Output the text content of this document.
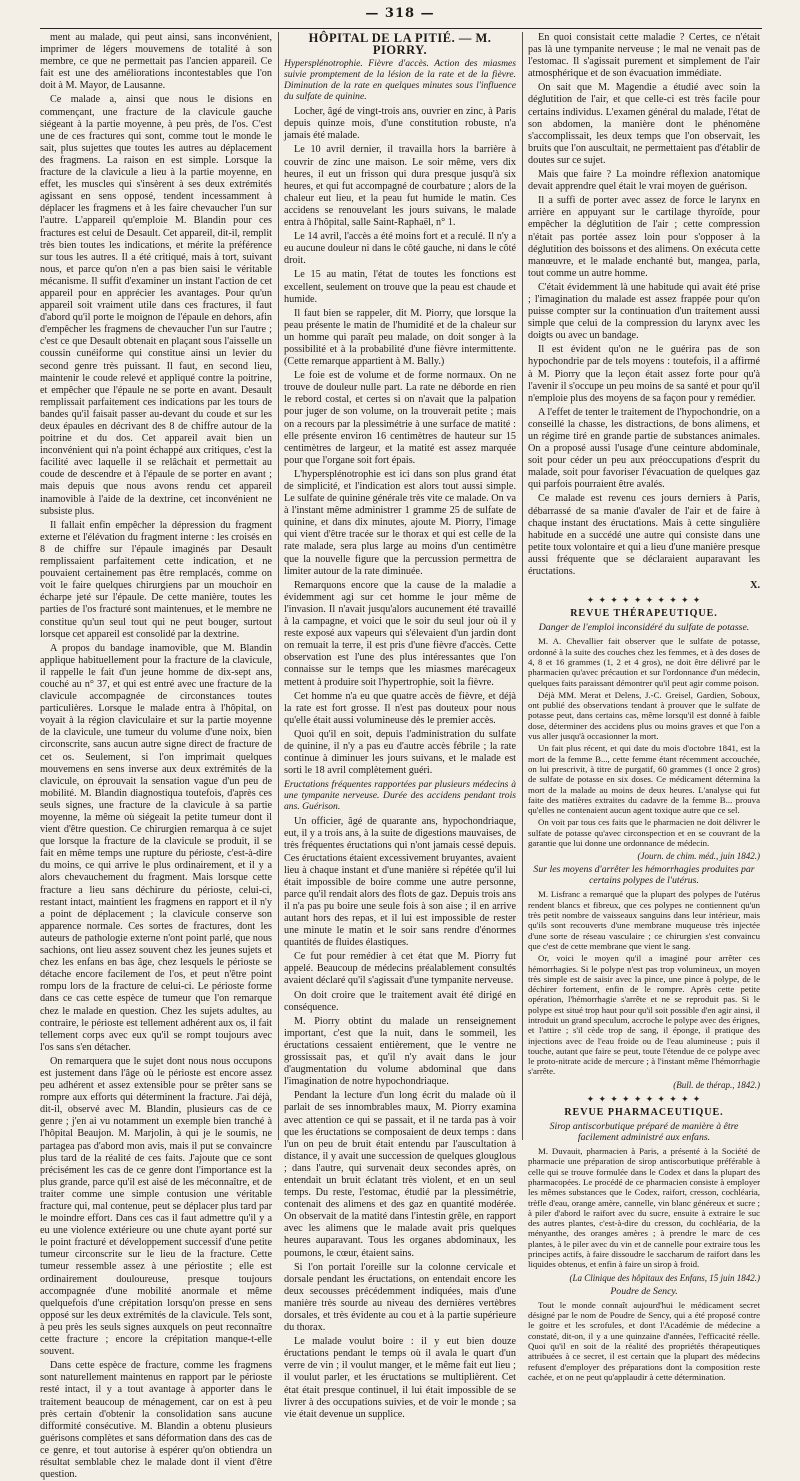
— 318 —

ment au malade, qui peut ainsi, sans inconvénient, imprimer de légers mouvemens de totalité à son membre, ce que ne permettait pas l'ancien appareil. Ce fait est une des améliorations incontestables que l'on doit à M. Mayor, de Lausanne.

Ce malade a, ainsi que nous le disions en commençant, une fracture de la clavicule gauche siégeant à la partie moyenne, à peu près, de l'os. C'est une de ces fractures qui sont, comme tout le monde le sait, plus sujettes que toutes les autres au déplacement des fragmens. La raison en est simple. Lorsque la fracture de la clavicule a lieu à la partie moyenne, en effet, les muscles qui s'insèrent à ses deux extrémités agissant en sens opposé, tendent incessamment à déplacer les fragmens et à les faire chevaucher l'un sur l'autre. L'appareil qu'emploie M. Blandin pour ces fractures est celui de Desault. Cet appareil, dit-il, remplit très bien toutes les indications, et mérite la préférence sur tous les autres. Il a été critiqué, mais à tort, suivant nous, et parce qu'on n'en a pas bien saisi le véritable mécanisme. Il suffit d'examiner un instant l'action de cet appareil pour en apprécier les avantages. Pour qu'un appareil soit vraiment utile dans ces fractures, il faut d'abord qu'il porte le moignon de l'épaule en dehors, afin d'empêcher les fragmens de chevaucher l'un sur l'autre ; c'est ce que Desault obtenait en plaçant sous l'aisselle un coussin cunéiforme qui constitue ainsi un levier du second genre très puissant. Il faut, en second lieu, maintenir le coude relevé et appliqué contre la poitrine, et empêcher que l'épaule ne se porte en avant. Desault remplissait parfaitement ces indications par les tours de bandes qu'il faisait passer au-devant du coude et sur les deux épaules en décrivant des 8 de chiffre autour de la poitrine et du dos. Cet appareil avait bien un inconvénient qui n'a point échappé aux critiques, c'est la facilité avec laquelle il se relâchait et permettait au coude de descendre et à l'épaule de se porter en avant ; mais depuis que nous avons rendu cet appareil inamovible à l'aide de la dextrine, cet inconvénient ne subsiste plus.

Il fallait enfin empêcher la dépression du fragment externe et l'élévation du fragment interne : les croisés en 8 de chiffre sur l'épaule imaginés par Desault remplissaient parfaitement cette indication, et ne pouvaient certainement pas être remplacés, comme on voit le faire quelques chirurgiens par un mouchoir en écharpe jeté sur l'épaule. De cette manière, toutes les parties de l'os fracturé sont maintenues, et le membre ne constitue qu'un seul tout qui ne peut bouger, surtout lorsque cet appareil est consolidé par la dextrine.

A propos du bandage inamovible, que M. Blandin applique habituellement pour la fracture de la clavicule, il rappelle le fait d'un jeune homme de dix-sept ans, couché au n° 37, et qui est entré avec une fracture de la clavicule accompagnée de circonstances toutes particulières. Lorsque le malade entra à l'hôpital, on voyait à la région claviculaire et sur la partie moyenne de la clavicule, une tumeur du volume d'une noix, bien circonscrite, sans aucun autre signe direct de fracture de cet os. Seulement, si l'on imprimait quelques mouvemens en sens inverse aux deux extrémités de la clavicule, on éprouvait la sensation vague d'un peu de mobilité. M. Blandin diagnostiqua toutefois, d'après ces seuls signes, une fracture de la clavicule à sa partie moyenne, la même où siégeait la petite tumeur dont il vient d'être question. Ce chirurgien remarqua à ce sujet que lorsque la fracture de la clavicule se produit, il se fait en même temps une rupture du périoste, c'est-à-dire du moins, ce qui arrive le plus ordinairement, et il y a alors chevauchement du fragment. Mais lorsque cette fracture a lieu sans déchirure du périoste, celui-ci, restant intact, maintient les fragmens en rapport et il n'y a point de déplacement ; la clavicule conserve son apparence normale. Ces sortes de fractures, dont les auteurs de pathologie externe n'ont point parlé, que nous sachions, ont lieu assez souvent chez les jeunes sujets et chez les enfans en bas âge, chez lesquels le périoste se détache encore facilement de l'os, et peut n'être point rompu lors de la fracture de celui-ci. Le périoste forme dans ce cas cette espèce de tumeur que l'on remarque chez le malade en question. Chez les sujets adultes, au contraire, le périoste est tellement adhérent aux os, il fait tellement corps avec eux qu'il se rompt toujours avec l'os sans s'en détacher.

On remarquera que le sujet dont nous nous occupons est justement dans l'âge où le périoste est encore assez peu adhérent et assez extensible pour se prêter sans se rompre aux efforts qui déterminent la fracture. J'ai déjà, dit-il, observé avec M. Blandin, plusieurs cas de ce genre ; j'en ai vu notamment un exemple bien tranché à l'hôpital Beaujon. M. Marjolin, à qui je le soumis, ne partagea pas d'abord mon avis, mais il put se convaincre plus tard de la réalité de ces faits. J'ajoute que ce sont précisément les cas de ce genre dont l'importance est la plus grande, parce qu'il est aisé de les méconnaître, et de traiter comme une simple contusion une véritable fracture qui, mal contenue, peut se déplacer plus tard par le moindre effort. Dans ces cas il faut admettre qu'il y a eu une violence extérieure ou une chute ayant porté sur le point fracturé et développement successif d'une petite tumeur circonscrite sur le lieu de la fracture. Cette tumeur ressemble assez à une périostite ; elle est ordinairement douloureuse, presque toujours accompagnée d'une mobilité anormale et même quelquefois d'une crépitation lorsqu'on presse en sens opposé sur les deux extrémités de la clavicule. Tels sont, à peu près les seuls signes auxquels on peut reconnaître cette fracture ; encore la crépitation manque-t-elle souvent.

Dans cette espèce de fracture, comme les fragmens sont naturellement maintenus en rapport par le périoste resté intact, il y a tout avantage à apporter dans le traitement beaucoup de ménagement, car on est à peu près certain d'obtenir la consolidation sans aucune difformité consécutive. M. Blandin a obtenu plusieurs guérisons complètes et sans déformation dans des cas de ce genre, et tout autorise à espérer qu'on obtiendra un résultat semblable chez le malade dont il vient d'être question.

HÔPITAL DE LA PITIÉ. — M. PIORRY.

Hypersplénotrophie. Fièvre d'accès. Action des miasmes suivie promptement de la lésion de la rate et de la fièvre. Diminution de la rate en quelques minutes sous l'influence du sulfate de quinine.

Locher, âgé de vingt-trois ans, ouvrier en zinc, à Paris depuis quinze mois, d'une constitution robuste, n'a jamais été malade.

Le 10 avril dernier, il travailla hors la barrière à couvrir de zinc une maison. Le soir même, vers dix heures, il eut un frisson qui dura presque jusqu'à six heures, et qui fut accompagné de courbature ; alors de la chaleur eut lieu, et la peau fut humide le matin. Ces accidens se renouvelant les jours suivans, le malade entra à l'hôpital, salle Saint-Raphaël, n° 1.

Le 14 avril, l'accès a été moins fort et a reculé. Il n'y a eu aucune douleur ni dans le côté gauche, ni dans le côté droit.

Le 15 au matin, l'état de toutes les fonctions est excellent, seulement on trouve que la peau est chaude et humide.

Il faut bien se rappeler, dit M. Piorry, que lorsque la peau présente le matin de l'humidité et de la chaleur sur un homme qui paraît peu malade, on doit songer à la possibilité et à la probabilité d'une fièvre intermittente. (Cette remarque appartient à M. Bally.)

Le foie est de volume et de forme normaux. On ne trouve de douleur nulle part. La rate ne déborde en rien le rebord costal, et certes si on n'avait que la palpation pour juger de son volume, on la trouverait petite ; mais on a recours par la plessimétrie à une surface de matité : elle présente environ 16 centimètres de hauteur sur 15 centimètres de largeur, et la matité est assez marquée pour que l'organe soit fort épais.

L'hypersplénotrophie est ici dans son plus grand état de simplicité, et l'indication est alors tout aussi simple. Le sulfate de quinine générale très vite ce malade. On va à l'instant même administrer 1 gramme 25 de sulfate de quinine, et dans dix minutes, ajoute M. Piorry, l'image qui vient d'être tracée sur le thorax et qui est celle de la rate malade, sera plus large au moins d'un centimètre que la nouvelle figure que la percussion permettra de limiter autour de la rate diminuée.

Remarquons encore que la cause de la maladie a évidemment agi sur cet homme le jour même de l'invasion. Il n'avait jusqu'alors aucunement été travaillé à la campagne, et voici que le soir du seul jour où il y reste exposé aux vapeurs qui s'élevaient d'un jardin dont on remuait la terre, il est pris d'une fièvre d'accès. Cette observation est l'une des plus intéressantes que l'on connaisse sur le temps que les miasmes marécageux mettent à produire soit l'hypertrophie, soit la fièvre.

Cet homme n'a eu que quatre accès de fièvre, et déjà la rate est fort grosse. Il n'est pas douteux pour nous qu'elle était aussi volumineuse dès le premier accès.

Quoi qu'il en soit, depuis l'administration du sulfate de quinine, il n'y a pas eu d'autre accès fébrile ; la rate continue à diminuer les jours suivans, et le malade est sorti le 18 avril complètement guéri.

Eructations fréquentes rapportées par plusieurs médecins à une tympanite nerveuse. Durée des accidens pendant trois ans. Guérison.

Un officier, âgé de quarante ans, hypochondriaque, eut, il y a trois ans, à la suite de digestions mauvaises, de très fréquentes éructations qui n'ont jamais cessé depuis. Ces éructations étaient excessivement bruyantes, avaient lieu à chaque instant et d'une manière si répétée qu'il lui était impossible de boire comme une autre personne, parce qu'il rendait alors des flots de gaz. Depuis trois ans il n'a pas pu boire une seule fois à son aise ; il en arrive autant hors des repas, et il lui est impossible de rester une minute le matin et le soir sans rendre d'énormes quantités de fluides élastiques.

Ce fut pour remédier à cet état que M. Piorry fut appelé. Beaucoup de médecins préalablement consultés avaient déclaré qu'il s'agissait d'une tympanite nerveuse.

On doit croire que le traitement avait été dirigé en conséquence.

M. Piorry obtint du malade un renseignement important, c'est que la nuit, dans le sommeil, les éructations cessaient entièrement, que le ventre ne grossissait pas, et qu'il n'y avait dans le jour d'augmentation du volume abdominal que dans l'imagination de notre hypochondriaque.

Pendant la lecture d'un long écrit du malade où il parlait de ses innombrables maux, M. Piorry examina avec attention ce qui se passait, et il ne tarda pas à voir que les éructations se composaient de deux temps : dans l'un on peu de bruit était entendu par l'auscultation à distance, il y avait une succession de quelques glouglous ; dans l'autre, qui survenait deux secondes après, on entendait un bruit éclatant très violent, et en un seul temps. Du reste, l'estomac, étudié par la plessimétrie, contenait des alimens et des gaz en quantité modérée. On observait de la matité dans l'intestin grêle, en rapport avec les alimens que le malade avait pris quelques heures auparavant. Tous les organes abdominaux, les poumons, le cœur, étaient sains.

Si l'on portait l'oreille sur la colonne cervicale et dorsale pendant les éructations, on entendait encore les deux secousses précédemment indiquées, mais d'une manière très sourde au niveau des dernières vertèbres dorsales, et très évidente au cou et à la partie supérieure du thorax.

Le malade voulut boire : il y eut bien douze éructations pendant le temps où il avala le quart d'un verre de vin ; il voulut manger, et le même fait eut lieu ; il voulut parler, et les éructations se multiplièrent. Cet état était presque continuel, il lui était impossible de se livrer à des occupations suivies, et de voir le monde ; sa vie était devenue un supplice.

En quoi consistait cette maladie ? Certes, ce n'était pas là une tympanite nerveuse ; le mal ne venait pas de l'estomac. Il s'agissait purement et simplement de l'air atmosphérique et de son évacuation immédiate.

On sait que M. Magendie a étudié avec soin la déglutition de l'air, et que celle-ci est très facile pour certains individus. L'examen général du malade, l'état de son abdomen, la manière dont le phénomène s'accomplissait, les deux temps que l'on observait, les bruits que l'on auscultait, ne permettaient pas d'établir de doutes sur ce sujet.

Mais que faire ? La moindre réflexion anatomique devait apprendre quel était le vrai moyen de guérison.

Il a suffi de porter avec assez de force le larynx en arrière en appuyant sur le cartilage thyroïde, pour empêcher la déglutition de l'air ; cette compression n'était pas portée assez loin pour s'opposer à la déglutition des boissons et des alimens. On exécuta cette manœuvre, et le malade enchanté but, mangea, parla, tout comme un autre homme.

C'était évidemment là une habitude qui avait été prise ; l'imagination du malade est assez frappée pour qu'on puisse compter sur la continuation d'un traitement aussi simple que celui de la compression du larynx avec les doigts ou avec un bandage.

Il est évident qu'on ne le guérira pas de son hypochondrie par de tels moyens : toutefois, il a affirmé à M. Piorry que la leçon était assez forte pour qu'à l'avenir il s'occupe un peu moins de sa santé et pour qu'il n'emploie plus des moyens de sa façon pour y remédier.

A l'effet de tenter le traitement de l'hypochondrie, on a conseillé la chasse, les distractions, de bons alimens, et un régime tiré en grande partie de substances animales. On a proposé aussi l'usage d'une ceinture abdominale, soit pour céder un peu aux préoccupations d'esprit du malade, soit pour favoriser l'évacuation de quelques gaz qui parfois pourraient être avalés.

Ce malade est revenu ces jours derniers à Paris, débarrassé de sa manie d'avaler de l'air et de faire à chaque instant des éructations. Mais à cette singulière habitude en a succédé une autre qui consiste dans une petite toux volontaire et qui a lieu d'une manière presque aussi fréquente que se déclaraient auparavant les éructations.

X.

✦ ✦ ✦ ✦ ✦ ✦ ✦ ✦ ✦ ✦

REVUE THÉRAPEUTIQUE.

Danger de l'emploi inconsidéré du sulfate de potasse.

M. A. Chevallier fait observer que le sulfate de potasse, ordonné à la suite des couches chez les femmes, et à des doses de 4, 8 et 16 grammes (1, 2 et 4 gros), ne doit être délivré par le pharmacien qu'avec précaution et sur l'ordonnance d'un médecin, quelques faits paraissant démontrer qu'il peut agir comme poison.

Déjà MM. Merat et Delens, J.-C. Greisel, Gardien, Soboux, ont publié des observations tendant à prouver que le sulfate de potasse peut, dans certains cas, même lorsqu'il est donné à faible dose, déterminer des accidens plus ou moins graves et que l'on a vus aller jusqu'à occasionner la mort.

Un fait plus récent, et qui date du mois d'octobre 1841, est la mort de la femme B..., cette femme étant récemment accouchée, on lui prescrivit, à titre de purgatif, 60 grammes (1 once 2 gros) de sulfate de potasse en six doses. Ce médicament détermina la mort de la malade au moins de deux heures. L'analyse qui fut faite des matières extraites du cadavre de la femme B... prouva qu'elles ne contenaient aucun agent toxique autre que ce sel.

On voit par tous ces faits que le pharmacien ne doit délivrer le sulfate de potasse qu'avec circonspection et en se couvrant de la garantie que lui donne une ordonnance de médecin.

(Journ. de chim. méd., juin 1842.)

Sur les moyens d'arrêter les hémorrhagies produites par certains polypes de l'utérus.

M. Lisfranc a remarqué que la plupart des polypes de l'utérus rendent blancs et fibreux, que ces polypes ne contiennent qu'un très petit nombre de vaisseaux sanguins dans leur intérieur, mais qu'ils sont recouverts d'une membrane muqueuse très injectée d'une sorte de réseau vasculaire ; ce chirurgien s'est convaincu que c'est de cette membrane que vient le sang.

Or, voici le moyen qu'il a imaginé pour arrêter ces hémorrhagies. Si le polype n'est pas trop volumineux, un moyen très simple est de saisir avec la pince, une pince à polype, de le déchirer fortement, enfin de le rompre. Après cette petite opération, l'hémorrhagie s'arrête et ne se reproduit pas. Si le polype est situé trop haut pour qu'il soit possible d'en agir ainsi, il introduit un grand speculum, accroche le polype avec des érignes, et l'attire ; s'il cède trop de sang, il éponge, il pratique des injections avec de l'eau froide ou de l'eau alumineuse ; puis il touche, autant que faire se peut, toute l'étendue de ce polype avec le proto-nitrate acide de mercure ; à l'instant même l'hémorrhagie s'arrête.

(Bull. de thérap., 1842.)

✦ ✦ ✦ ✦ ✦ ✦ ✦ ✦ ✦ ✦

REVUE PHARMACEUTIQUE.

Sirop antiscorbutique préparé de manière à être facilement administré aux enfans.

M. Duvauit, pharmacien à Paris, a présenté à la Société de pharmacie une préparation de sirop antiscorbutique préférable à celle qui se trouve formulée dans le Codex et dans la plupart des pharmacopées. Le procédé de ce pharmacien consiste à employer les mêmes substances que le Codex, raifort, cresson, cochléaria, trèfle d'eau, orange amère, cannelle, vin blanc généreux et sucre ; à piler d'abord le raifort avec du sucre, ensuite à extraire le suc des autres plantes, c'est-à-dire du cresson, du cochléaria, de la ményanthe, des oranges amères ; à prendre le marc de ces plantes, à le piler avec du vin et de cannelle pour extraire tous les principes actifs, à faire dissoudre le saccharum de raifort dans les liquides obtenus, et enfin à faire un sirop à froid.

(La Clinique des hôpitaux des Enfans, 15 juin 1842.)

Poudre de Sency.

Tout le monde connaît aujourd'hui le médicament secret désigné par le nom de Poudre de Sency, qui a été proposé contre le goitre et les scrofules, et dont l'Académie de médecine a constaté, dit-on, il y a une quinzaine d'années, l'efficacité réelle. Quoi qu'il en soit de la réalité des propriétés thérapeutiques attribuées à ce secret, il est certain que la plupart des médecins refusent d'employer des préparations dont la composition reste cachée, et on ne peut qu'applaudir à cette détermination.
